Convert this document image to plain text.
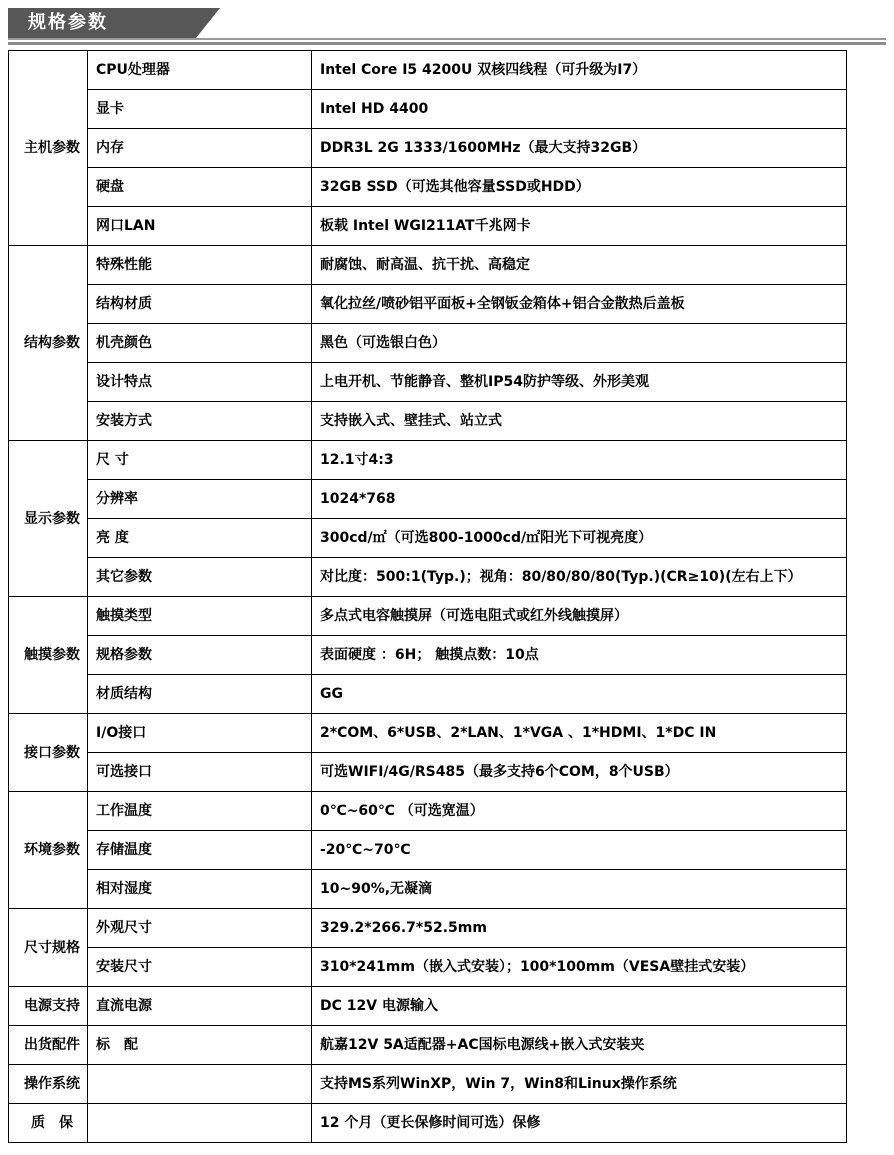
规格参数
主机参数	CPU处理器	Intel Core I5 4200U 双核四线程（可升级为I7）
	显卡	Intel HD 4400
	内存	DDR3L 2G 1333/1600MHz（最大支持32GB）
	硬盘	32GB SSD（可选其他容量SSD或HDD）
	网口LAN	板载 Intel WGI211AT千兆网卡
结构参数	特殊性能	耐腐蚀、耐高温、抗干扰、高稳定
	结构材质	氧化拉丝/喷砂铝平面板+全钢钣金箱体+铝合金散热后盖板
	机壳颜色	黑色（可选银白色）
	设计特点	上电开机、节能静音、整机IP54防护等级、外形美观
	安装方式	支持嵌入式、壁挂式、站立式
显示参数	尺 寸	12.1寸4:3
	分辨率	1024*768
	亮 度	300cd/㎡（可选800-1000cd/㎡阳光下可视亮度）
	其它参数	对比度：500:1(Typ.)；视角：80/80/80/80(Typ.)(CR≥10)(左右上下）
触摸参数	触摸类型	多点式电容触摸屏（可选电阻式或红外线触摸屏）
	规格参数	表面硬度 ：6H； 触摸点数：10点
	材质结构	GG
接口参数	I/O接口	2*COM、6*USB、2*LAN、1*VGA 、1*HDMI、1*DC IN
	可选接口	可选WIFI/4G/RS485（最多支持6个COM，8个USB）
环境参数	工作温度	0℃~60℃ （可选宽温）
	存储温度	-20℃~70℃
	相对湿度	10~90%,无凝滴
尺寸规格	外观尺寸	329.2*266.7*52.5mm
	安装尺寸	310*241mm（嵌入式安装）；100*100mm（VESA壁挂式安装）
电源支持	直流电源	DC 12V 电源输入
出货配件	标　配	航嘉12V 5A适配器+AC国标电源线+嵌入式安装夹
操作系统		支持MS系列WinXP，Win 7，Win8和Linux操作系统
质　保		12 个月（更长保修时间可选）保修
